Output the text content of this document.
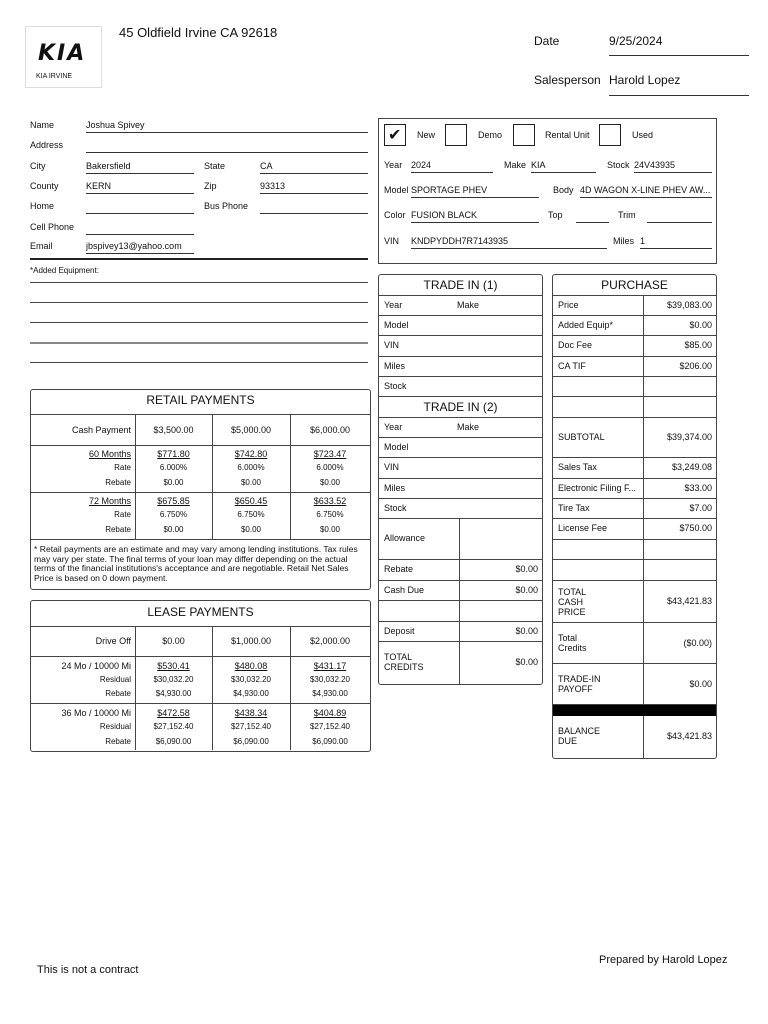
KIA
KIA IRVINE
45 Oldfield Irvine CA 92618
Date	9/25/2024
Salesperson Harold Lopez
Name	Joshua Spivey
Address
City	Bakersfield	State	CA
County	KERN	Zip	93313
Home	Bus Phone
Cell Phone
Email	jbspivey13@yahoo.com
*Added Equipment:
RETAIL PAYMENTS
Cash Payment	$3,500.00	$5,000.00	$6,000.00
60 Months	$771.80	$742.80	$723.47
Rate	6.000%	6.000%	6.000%
Rebate	$0.00	$0.00	$0.00
72 Months	$675.85	$650.45	$633.52
Rate	6.750%	6.750%	6.750%
Rebate	$0.00	$0.00	$0.00
* Retail payments are an estimate and may vary among lending institutions. Tax rules may vary per state. The final terms of your loan may differ depending on the actual terms of the financial institutions's acceptance and are negotiable. Retail Net Sales Price is based on 0 down payment.
LEASE PAYMENTS
Drive Off	$0.00	$1,000.00	$2,000.00
24 Mo / 10000 Mi	$530.41	$480.08	$431.17
Residual	$30,032.20	$30,032.20	$30,032.20
Rebate	$4,930.00	$4,930.00	$4,930.00
36 Mo / 10000 Mi	$472.58	$438.34	$404.89
Residual	$27,152.40	$27,152.40	$27,152.40
Rebate	$6,090.00	$6,090.00	$6,090.00
✔
New	Demo	Rental Unit	Used
Year 2024	Make KIA	Stock 24V43935
Model SPORTAGE PHEV	Body 4D WAGON X-LINE PHEV AW...
Color FUSION BLACK	Top	Trim
VIN KNDPYDDH7R7143935	Miles 1
TRADE IN (1)
Year	Make
Model
VIN
Miles
Stock
TRADE IN (2)
Year	Make
Model
VIN
Miles
Stock
Allowance
Rebate	$0.00
Cash Due	$0.00
Deposit	$0.00
TOTAL
CREDITS	$0.00
PURCHASE
Price	$39,083.00
Added Equip*	$0.00
Doc Fee	$85.00
CA TIF	$206.00
SUBTOTAL	$39,374.00
Sales Tax	$3,249.08
Electronic Filing F...	$33.00
Tire Tax	$7.00
License Fee	$750.00
TOTAL
CASH
PRICE
$43,421.83
Total
Credits	($0.00)
TRADE-IN
PAYOFF	$0.00
BALANCE
DUE	$43,421.83
This is not a contract
Prepared by Harold Lopez
